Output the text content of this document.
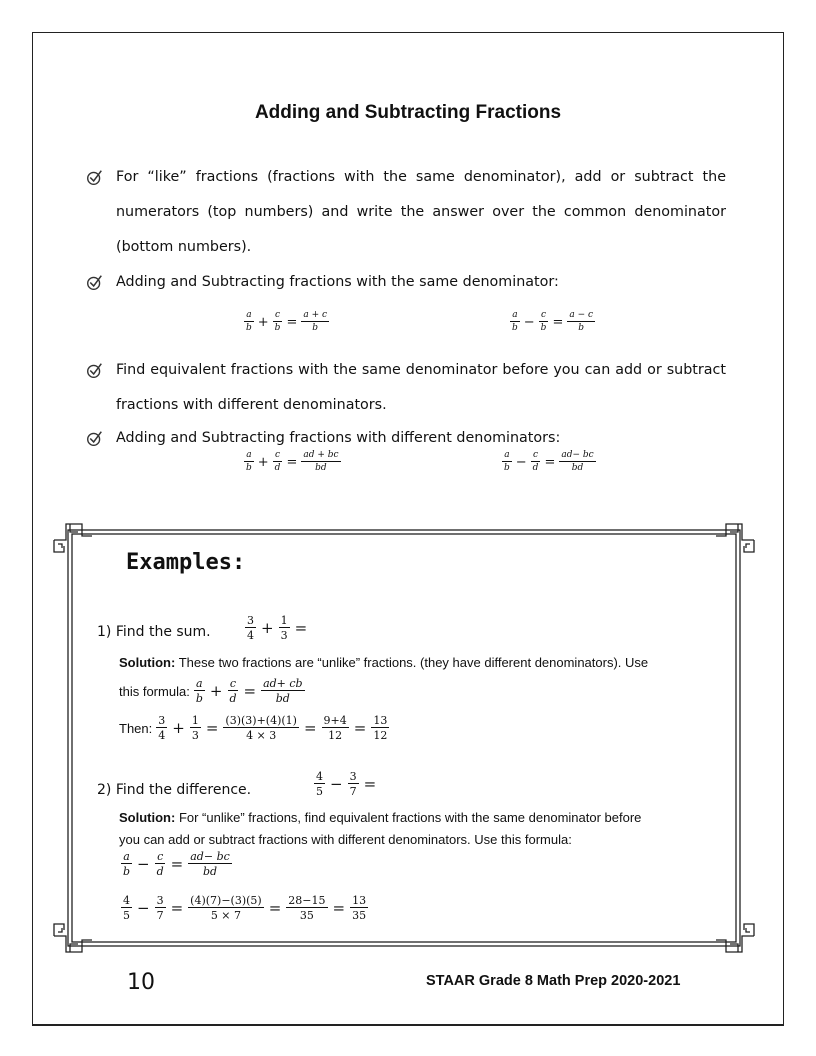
Adding and Subtracting Fractions
For “like” fractions (fractions with the same denominator), add or subtract the numerators (top numbers) and write the answer over the common denominator (bottom numbers).
Adding and Subtracting fractions with the same denominator:
$\frac{a}{b} + \frac{c}{b} = \frac{a + c}{b}$	$\frac{a}{b} - \frac{c}{b} = \frac{a - c}{b}$
Find equivalent fractions with the same denominator before you can add or subtract fractions with different denominators.
Adding and Subtracting fractions with different denominators:
$\frac{a}{b} + \frac{c}{d} = \frac{ad + bc}{bd}$	$\frac{a}{b} - \frac{c}{d} = \frac{ad- bc}{bd}$
Examples:
1) Find the sum.	$\frac{3}{4} + \frac{1}{3}$ =
Solution: These two fractions are “unlike” fractions. (they have different denominators). Use
this formula: $\frac{a}{b} + \frac{c}{d} = \frac{ad+ cb}{bd}$
Then: $\frac{3}{4} + \frac{1}{3} = \frac{(3)(3)+(4)(1)}{4 \times 3} = \frac{9+4}{12} = \frac{13}{12}$
2) Find the difference.	$\frac{4}{5} - \frac{3}{7}$ =
Solution: For “unlike” fractions, find equivalent fractions with the same denominator before
you can add or subtract fractions with different denominators. Use this formula:
$\frac{a}{b} - \frac{c}{d} = \frac{ad- bc}{bd}$
$\frac{4}{5} - \frac{3}{7} = \frac{(4)(7)-(3)(5)}{5 \times 7} = \frac{28-15}{35} = \frac{13}{35}$
10	STAAR Grade 8 Math Prep 2020-2021
